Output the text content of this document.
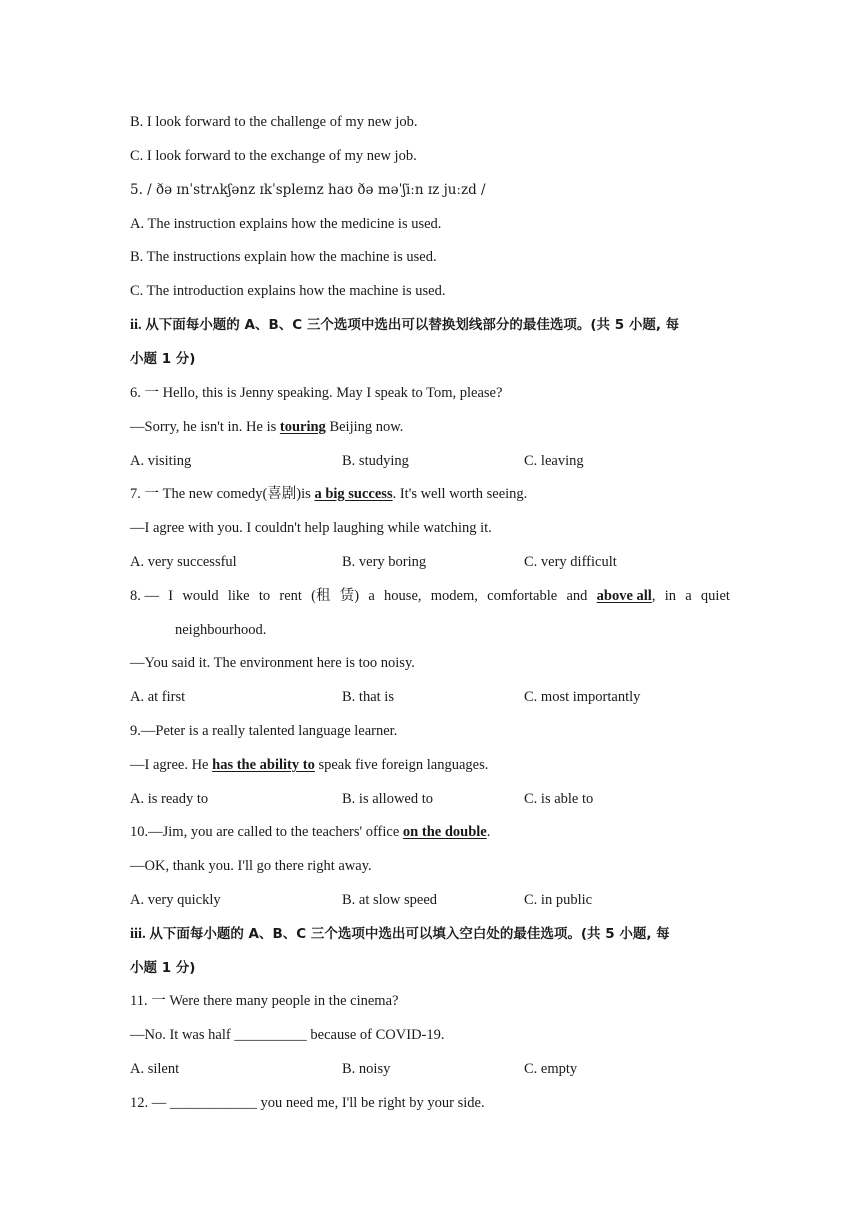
B. I look forward to the challenge of my new job.
C. I look forward to the exchange of my new job.
5. / ðə ɪnˈstrʌkʃənz ɪkˈspleɪnz haʊ ðə məˈʃiːn ɪz juːzd /
A. The instruction explains how the medicine is used.
B. The instructions explain how the machine is used.
C. The introduction explains how the machine is used.
ii. 从下面每小题的 A、B、C 三个选项中选出可以替换划线部分的最佳选项。(共 5 小题, 每
小题 1 分)
6. 一 Hello, this is Jenny speaking. May I speak to Tom, please?
—Sorry, he isn't in. He is touring Beijing now.
A. visiting	B. studying	C. leaving
7. 一 The new comedy(喜剧)is a big success. It's well worth seeing.
—I agree with you. I couldn't help laughing while watching it.
A. very successful	B. very boring	C. very difficult
8. — I would like to rent (租 赁) a house, modem, comfortable and above all, in a quiet
neighbourhood.
—You said it. The environment here is too noisy.
A. at first	B. that is	C. most importantly
9.—Peter is a really talented language learner.
—I agree. He has the ability to speak five foreign languages.
A. is ready to	B. is allowed to	C. is able to
10.—Jim, you are called to the teachers' office on the double.
—OK, thank you. I'll go there right away.
A. very quickly	B. at slow speed	C. in public
iii. 从下面每小题的 A、B、C 三个选项中选出可以填入空白处的最佳选项。(共 5 小题, 每
小题 1 分)
11. 一 Were there many people in the cinema?
—No. It was half __________ because of COVID-19.
A. silent	B. noisy	C. empty
12. — ____________ you need me, I'll be right by your side.
